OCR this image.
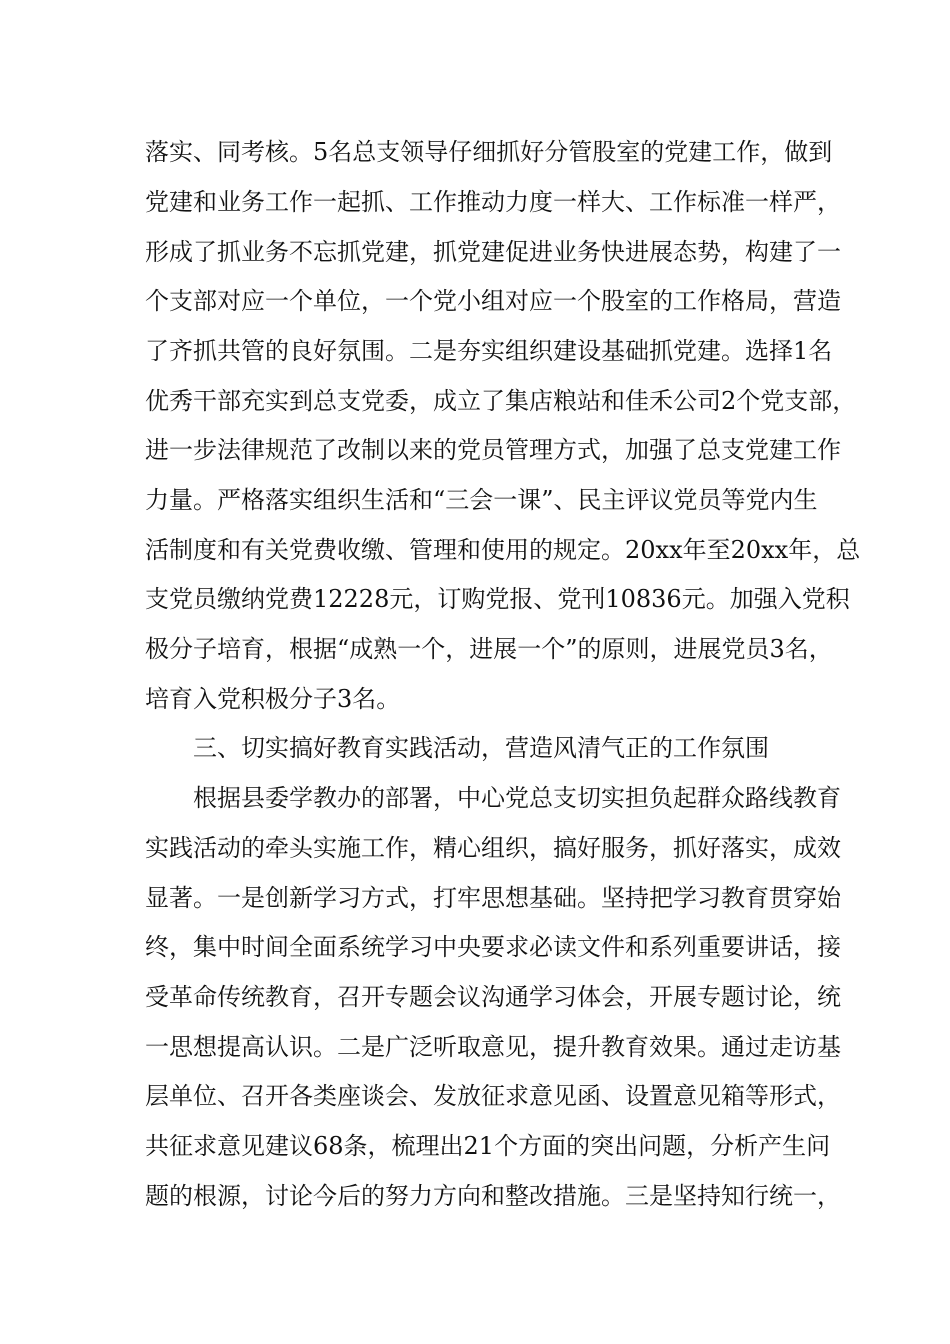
落实、同考核。5名总支领导仔细抓好分管股室的党建工作，做到
党建和业务工作一起抓、工作推动力度一样大、工作标准一样严，
形成了抓业务不忘抓党建，抓党建促进业务快进展态势，构建了一
个支部对应一个单位，一个党小组对应一个股室的工作格局，营造
了齐抓共管的良好氛围。二是夯实组织建设基础抓党建。选择1名
优秀干部充实到总支党委，成立了集店粮站和佳禾公司2个党支部，
进一步法律规范了改制以来的党员管理方式，加强了总支党建工作
力量。严格落实组织生活和“三会一课”、民主评议党员等党内生
活制度和有关党费收缴、管理和使用的规定。20xx年至20xx年，总
支党员缴纳党费12228元，订购党报、党刊10836元。加强入党积
极分子培育，根据“成熟一个，进展一个”的原则，进展党员3名，
培育入党积极分子3名。
三、切实搞好教育实践活动，营造风清气正的工作氛围
根据县委学教办的部署，中心党总支切实担负起群众路线教育
实践活动的牵头实施工作，精心组织，搞好服务，抓好落实，成效
显著。一是创新学习方式，打牢思想基础。坚持把学习教育贯穿始
终，集中时间全面系统学习中央要求必读文件和系列重要讲话，接
受革命传统教育，召开专题会议沟通学习体会，开展专题讨论，统
一思想提高认识。二是广泛听取意见，提升教育效果。通过走访基
层单位、召开各类座谈会、发放征求意见函、设置意见箱等形式，
共征求意见建议68条，梳理出21个方面的突出问题，分析产生问
题的根源，讨论今后的努力方向和整改措施。三是坚持知行统一，
